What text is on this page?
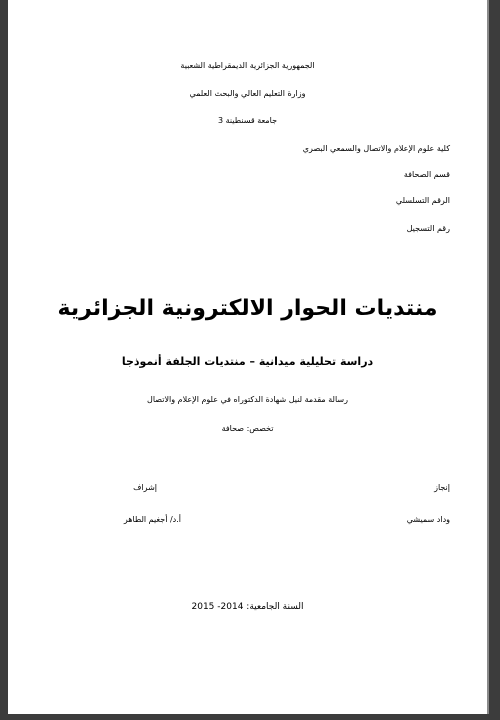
الجمهورية الجزائرية الديمقراطية الشعبية
وزارة التعليم العالي والبحث العلمي
جامعة قسنطينة 3
كلية علوم الإعلام والاتصال والسمعي البصري
قسم الصحافة
الرقم التسلسلي
رقم التسجيل
منتديات الحوار الالكترونية الجزائرية
دراسة تحليلية ميدانية – منتديات الجلفة أنموذجا
رسالة مقدمة لنيل شهادة الدكتوراه في علوم الإعلام والاتصال
تخصص: صحافة
إنجاز
إشراف
وداد سميشي
أ.د/ أجغيم الطاهر
السنة الجامعية: 2014- 2015
